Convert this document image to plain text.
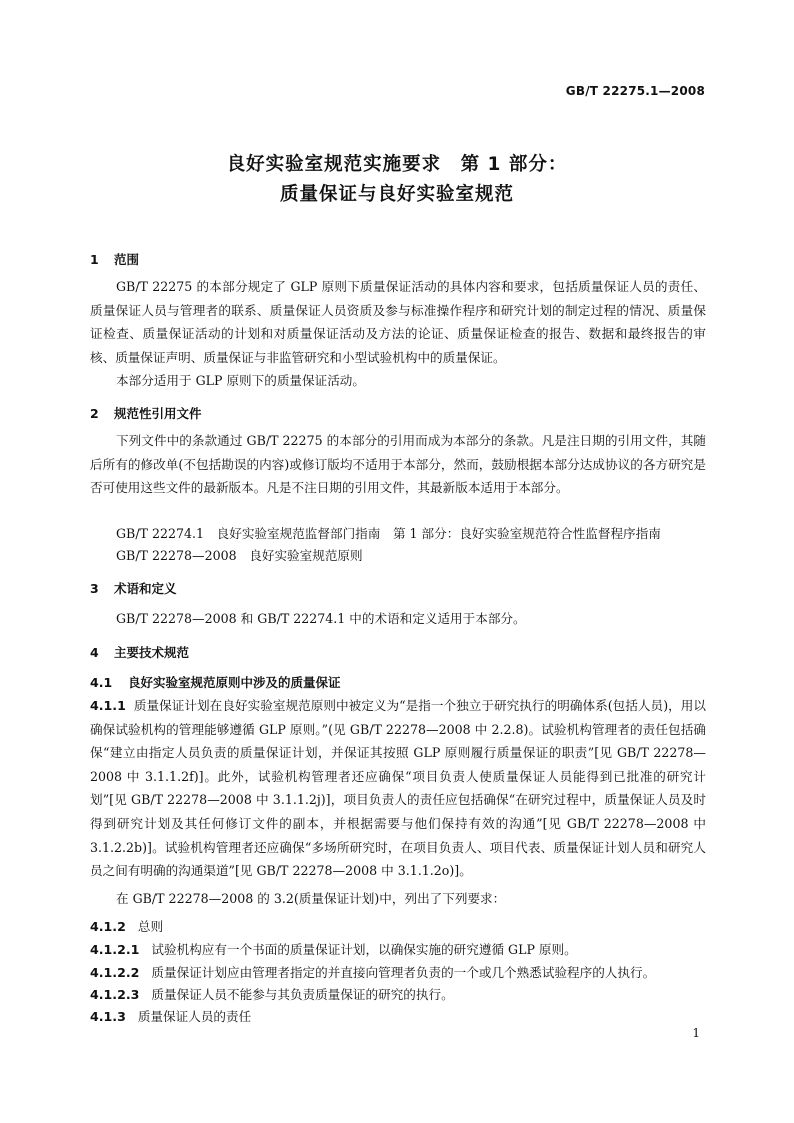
GB/T 22275.1—2008
良好实验室规范实施要求　第 1 部分：
质量保证与良好实验室规范
1 范围
GB/T 22275 的本部分规定了 GLP 原则下质量保证活动的具体内容和要求，包括质量保证人员的责任、质量保证人员与管理者的联系、质量保证人员资质及参与标准操作程序和研究计划的制定过程的情况、质量保证检查、质量保证活动的计划和对质量保证活动及方法的论证、质量保证检查的报告、数据和最终报告的审核、质量保证声明、质量保证与非监管研究和小型试验机构中的质量保证。
本部分适用于 GLP 原则下的质量保证活动。
2 规范性引用文件
下列文件中的条款通过 GB/T 22275 的本部分的引用而成为本部分的条款。凡是注日期的引用文件，其随后所有的修改单(不包括勘误的内容)或修订版均不适用于本部分，然而，鼓励根据本部分达成协议的各方研究是否可使用这些文件的最新版本。凡是不注日期的引用文件，其最新版本适用于本部分。
GB/T 22274.1　良好实验室规范监督部门指南　第 1 部分：良好实验室规范符合性监督程序指南
GB/T 22278—2008　良好实验室规范原则
3 术语和定义
GB/T 22278—2008 和 GB/T 22274.1 中的术语和定义适用于本部分。
4 主要技术规范
4.1 良好实验室规范原则中涉及的质量保证
4.1.1 质量保证计划在良好实验室规范原则中被定义为“是指一个独立于研究执行的明确体系(包括人员)，用以确保试验机构的管理能够遵循 GLP 原则。”(见 GB/T 22278—2008 中 2.2.8)。试验机构管理者的责任包括确保“建立由指定人员负责的质量保证计划，并保证其按照 GLP 原则履行质量保证的职责”[见 GB/T 22278—2008 中 3.1.1.2f)]。此外，试验机构管理者还应确保“项目负责人使质量保证人员能得到已批准的研究计划”[见 GB/T 22278—2008 中 3.1.1.2j)]，项目负责人的责任应包括确保“在研究过程中，质量保证人员及时得到研究计划及其任何修订文件的副本，并根据需要与他们保持有效的沟通”[见 GB/T 22278—2008 中 3.1.2.2b)]。试验机构管理者还应确保“多场所研究时，在项目负责人、项目代表、质量保证计划人员和研究人员之间有明确的沟通渠道”[见 GB/T 22278—2008 中 3.1.1.2o)]。
在 GB/T 22278—2008 的 3.2(质量保证计划)中，列出了下列要求：
4.1.2 总则
4.1.2.1 试验机构应有一个书面的质量保证计划，以确保实施的研究遵循 GLP 原则。
4.1.2.2 质量保证计划应由管理者指定的并直接向管理者负责的一个或几个熟悉试验程序的人执行。
4.1.2.3 质量保证人员不能参与其负责质量保证的研究的执行。
4.1.3 质量保证人员的责任
1
